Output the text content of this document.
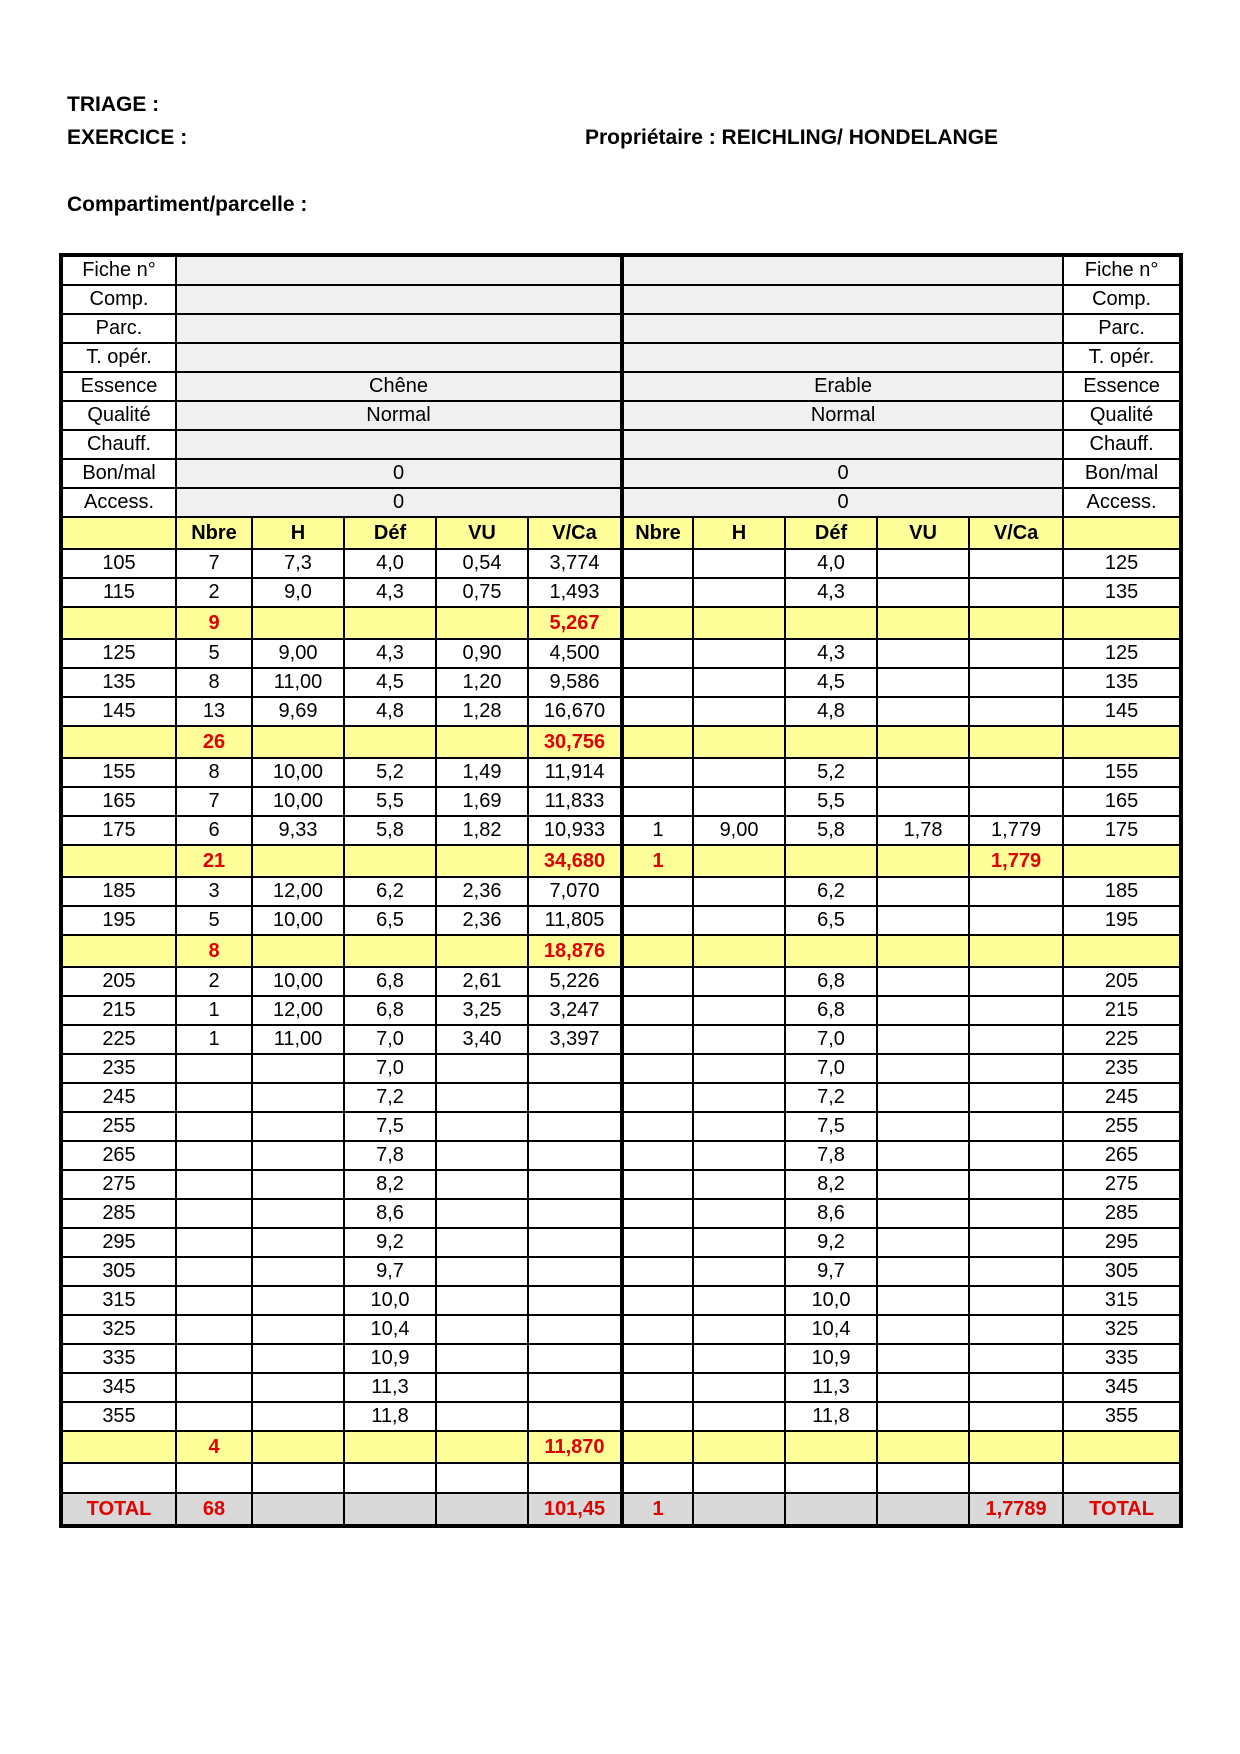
TRIAGE :
EXERCICE :	Propriétaire : REICHLING/ HONDELANGE
Compartiment/parcelle :
Fiche n°											Fiche n°
Comp.											Comp.
Parc.											Parc.
T. opér.											T. opér.
Essence	Chêne					Erable					Essence
Qualité	Normal					Normal					Qualité
Chauff.											Chauff.
Bon/mal	0					0					Bon/mal
Access.	0					0					Access.
	Nbre	H	Déf	VU	V/Ca	Nbre	H	Déf	VU	V/Ca	
105	7	7,3	4,0	0,54	3,774			4,0			125
115	2	9,0	4,3	0,75	1,493			4,3			135
	9				5,267						
125	5	9,00	4,3	0,90	4,500			4,3			125
135	8	11,00	4,5	1,20	9,586			4,5			135
145	13	9,69	4,8	1,28	16,670			4,8			145
	26				30,756						
155	8	10,00	5,2	1,49	11,914			5,2			155
165	7	10,00	5,5	1,69	11,833			5,5			165
175	6	9,33	5,8	1,82	10,933	1	9,00	5,8	1,78	1,779	175
	21				34,680	1				1,779	
185	3	12,00	6,2	2,36	7,070			6,2			185
195	5	10,00	6,5	2,36	11,805			6,5			195
	8				18,876						
205	2	10,00	6,8	2,61	5,226			6,8			205
215	1	12,00	6,8	3,25	3,247			6,8			215
225	1	11,00	7,0	3,40	3,397			7,0			225
235			7,0					7,0			235
245			7,2					7,2			245
255			7,5					7,5			255
265			7,8					7,8			265
275			8,2					8,2			275
285			8,6					8,6			285
295			9,2					9,2			295
305			9,7					9,7			305
315			10,0					10,0			315
325			10,4					10,4			325
335			10,9					10,9			335
345			11,3					11,3			345
355			11,8					11,8			355
	4				11,870						

TOTAL	68				101,45	1				1,7789	TOTAL
